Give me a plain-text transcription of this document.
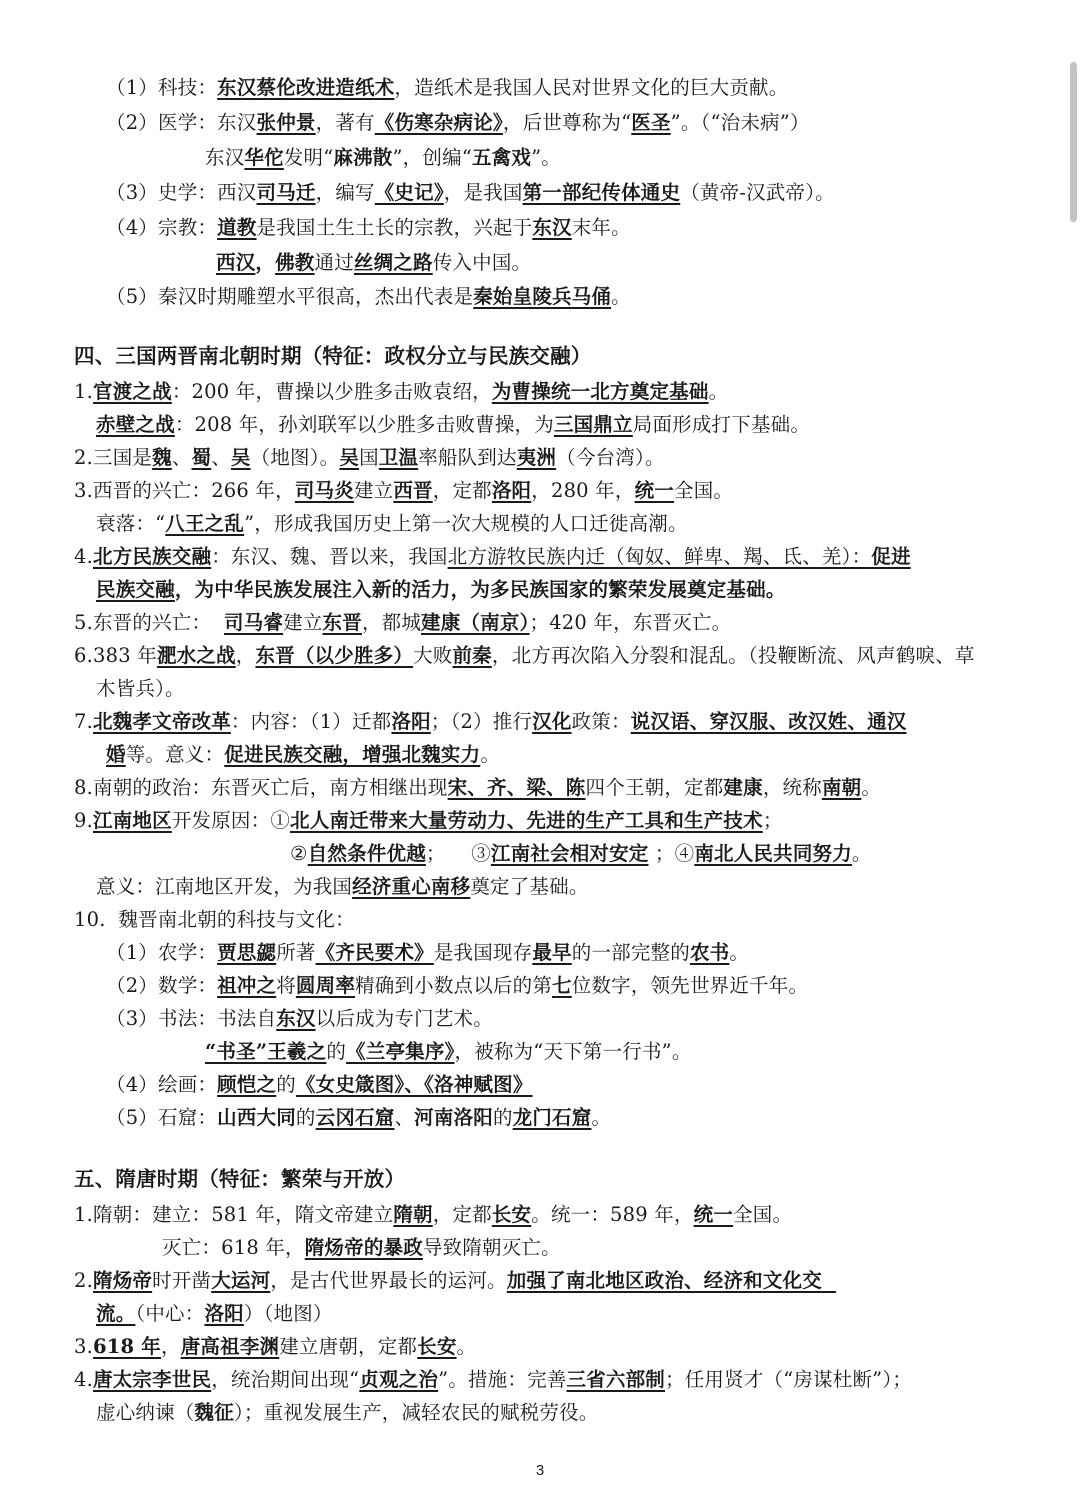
（1）科技：东汉蔡伦改进造纸术，造纸术是我国人民对世界文化的巨大贡献。
（2）医学：东汉张仲景，著有《伤寒杂病论》，后世尊称为“医圣”。（“治未病”）
东汉华佗发明“麻沸散”，创编“五禽戏”。
（3）史学：西汉司马迁，编写《史记》，是我国第一部纪传体通史（黄帝-汉武帝）。
（4）宗教：道教是我国土生土长的宗教，兴起于东汉末年。
西汉，佛教通过丝绸之路传入中国。
（5）秦汉时期雕塑水平很高，杰出代表是秦始皇陵兵马俑。
四、三国两晋南北朝时期（特征：政权分立与民族交融）
1.官渡之战：200 年，曹操以少胜多击败袁绍，为曹操统一北方奠定基础。
赤壁之战：208 年，孙刘联军以少胜多击败曹操，为三国鼎立局面形成打下基础。
2.三国是魏、蜀、吴（地图）。吴国卫温率船队到达夷洲（今台湾）。
3.西晋的兴亡：266 年，司马炎建立西晋，定都洛阳，280 年，统一全国。
衰落：“八王之乱”，形成我国历史上第一次大规模的人口迁徙高潮。
4.北方民族交融：东汉、魏、晋以来，我国北方游牧民族内迁（匈奴、鲜卑、羯、氐、羌）：促进
民族交融，为中华民族发展注入新的活力，为多民族国家的繁荣发展奠定基础。
5.东晋的兴亡：  司马睿建立东晋，都城建康（南京）；420 年，东晋灭亡。
6.383 年淝水之战，东晋（以少胜多）大败前秦，北方再次陷入分裂和混乱。（投鞭断流、风声鹤唳、草
木皆兵）。
7.北魏孝文帝改革：内容：（1）迁都洛阳；（2）推行汉化政策：说汉语、穿汉服、改汉姓、通汉
婚等。意义：促进民族交融，增强北魏实力。
8.南朝的政治：东晋灭亡后，南方相继出现宋、齐、梁、陈四个王朝，定都建康，统称南朝。
9.江南地区开发原因：①北人南迁带来大量劳动力、先进的生产工具和生产技术；
②自然条件优越；    ③江南社会相对安定 ；④南北人民共同努力。
意义：江南地区开发，为我国经济重心南移奠定了基础。
10.  魏晋南北朝的科技与文化：
（1）农学：贾思勰所著《齐民要术》是我国现存最早的一部完整的农书。
（2）数学：祖冲之将圆周率精确到小数点以后的第七位数字，领先世界近千年。
（3）书法：书法自东汉以后成为专门艺术。
“书圣”王羲之的《兰亭集序》，被称为“天下第一行书”。
（4）绘画：顾恺之的《女史箴图》、《洛神赋图》
（5）石窟：山西大同的云冈石窟、河南洛阳的龙门石窟。
五、隋唐时期（特征：繁荣与开放）
1.隋朝：建立：581 年，隋文帝建立隋朝，定都长安。统一：589 年，统一全国。
灭亡：618 年，隋炀帝的暴政导致隋朝灭亡。
2.隋炀帝时开凿大运河，是古代世界最长的运河。加强了南北地区政治、经济和文化交
流。（中心：洛阳）（地图）
3.618 年，唐高祖李渊建立唐朝，定都长安。
4.唐太宗李世民，统治期间出现“贞观之治”。措施：完善三省六部制；任用贤才（“房谋杜断”）；
虚心纳谏（魏征）；重视发展生产，减轻农民的赋税劳役。
3
